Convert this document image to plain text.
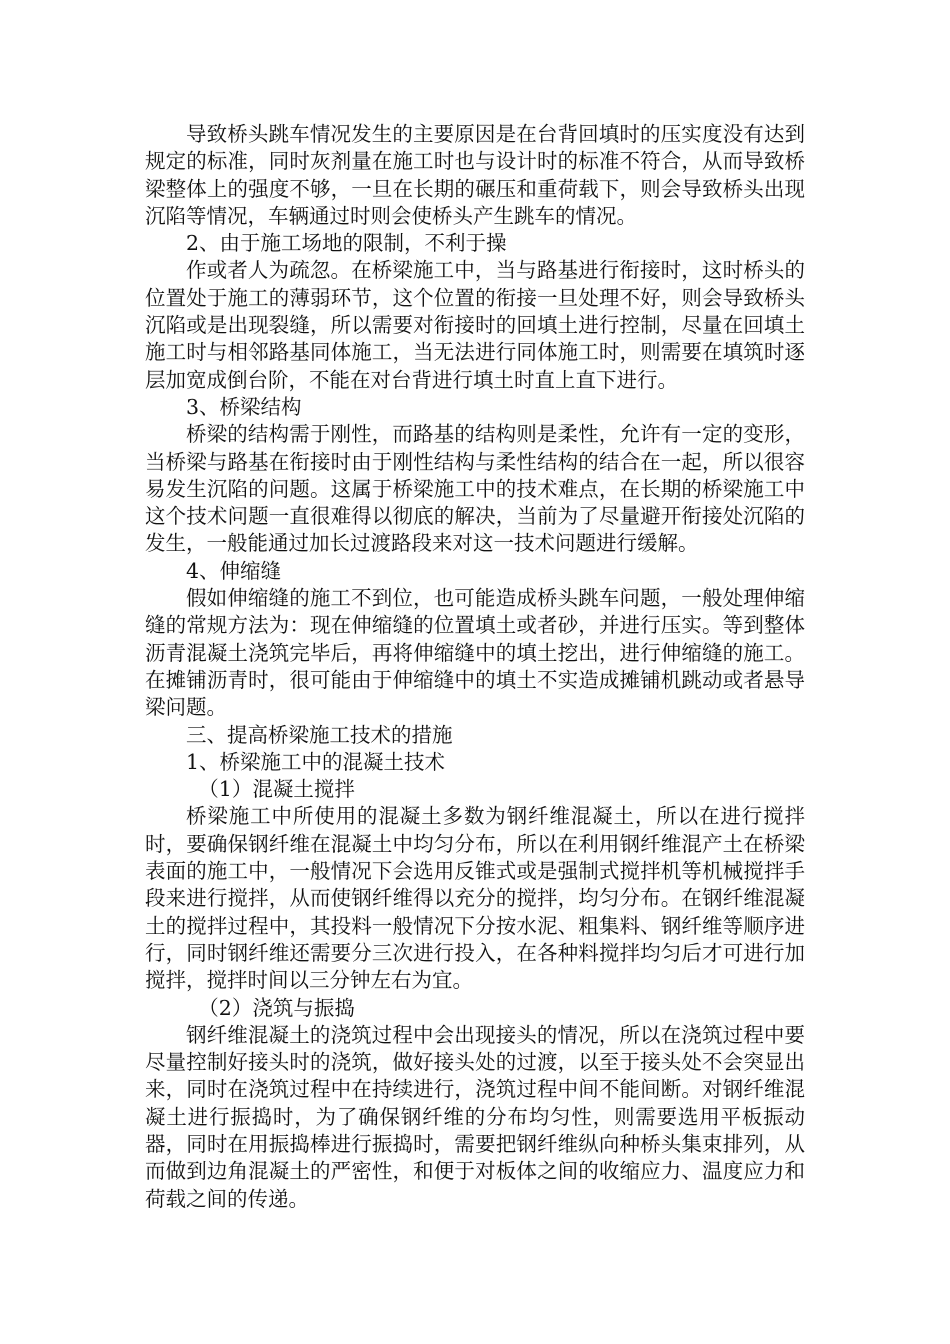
导致桥头跳车情况发生的主要原因是在台背回填时的压实度没有达到规定的标准，同时灰剂量在施工时也与设计时的标准不符合，从而导致桥梁整体上的强度不够，一旦在长期的碾压和重荷载下，则会导致桥头出现沉陷等情况，车辆通过时则会使桥头产生跳车的情况。

2、由于施工场地的限制，不利于操

作或者人为疏忽。在桥梁施工中，当与路基进行衔接时，这时桥头的位置处于施工的薄弱环节，这个位置的衔接一旦处理不好，则会导致桥头沉陷或是出现裂缝，所以需要对衔接时的回填土进行控制，尽量在回填土施工时与相邻路基同体施工，当无法进行同体施工时，则需要在填筑时逐层加宽成倒台阶，不能在对台背进行填土时直上直下进行。

3、桥梁结构

桥梁的结构需于刚性，而路基的结构则是柔性，允许有一定的变形，当桥梁与路基在衔接时由于刚性结构与柔性结构的结合在一起，所以很容易发生沉陷的问题。这属于桥梁施工中的技术难点，在长期的桥梁施工中这个技术问题一直很难得以彻底的解决，当前为了尽量避开衔接处沉陷的发生，一般能通过加长过渡路段来对这一技术问题进行缓解。

4、伸缩缝

假如伸缩缝的施工不到位，也可能造成桥头跳车问题，一般处理伸缩缝的常规方法为：现在伸缩缝的位置填土或者砂，并进行压实。等到整体沥青混凝土浇筑完毕后，再将伸缩缝中的填土挖出，进行伸缩缝的施工。在摊铺沥青时，很可能由于伸缩缝中的填土不实造成摊铺机跳动或者悬导梁问题。

三、提高桥梁施工技术的措施

1、桥梁施工中的混凝土技术

（1）混凝土搅拌

桥梁施工中所使用的混凝土多数为钢纤维混凝土，所以在进行搅拌时，要确保钢纤维在混凝土中均匀分布，所以在利用钢纤维混产土在桥梁表面的施工中，一般情况下会选用反锥式或是强制式搅拌机等机械搅拌手段来进行搅拌，从而使钢纤维得以充分的搅拌，均匀分布。在钢纤维混凝土的搅拌过程中，其投料一般情况下分按水泥、粗集料、钢纤维等顺序进行，同时钢纤维还需要分三次进行投入，在各种料搅拌均匀后才可进行加搅拌，搅拌时间以三分钟左右为宜。

（2）浇筑与振捣

钢纤维混凝土的浇筑过程中会出现接头的情况，所以在浇筑过程中要尽量控制好接头时的浇筑，做好接头处的过渡，以至于接头处不会突显出来，同时在浇筑过程中在持续进行，浇筑过程中间不能间断。对钢纤维混凝土进行振捣时，为了确保钢纤维的分布均匀性，则需要选用平板振动器，同时在用振捣棒进行振捣时，需要把钢纤维纵向种桥头集束排列，从而做到边角混凝土的严密性，和便于对板体之间的收缩应力、温度应力和荷载之间的传递。
